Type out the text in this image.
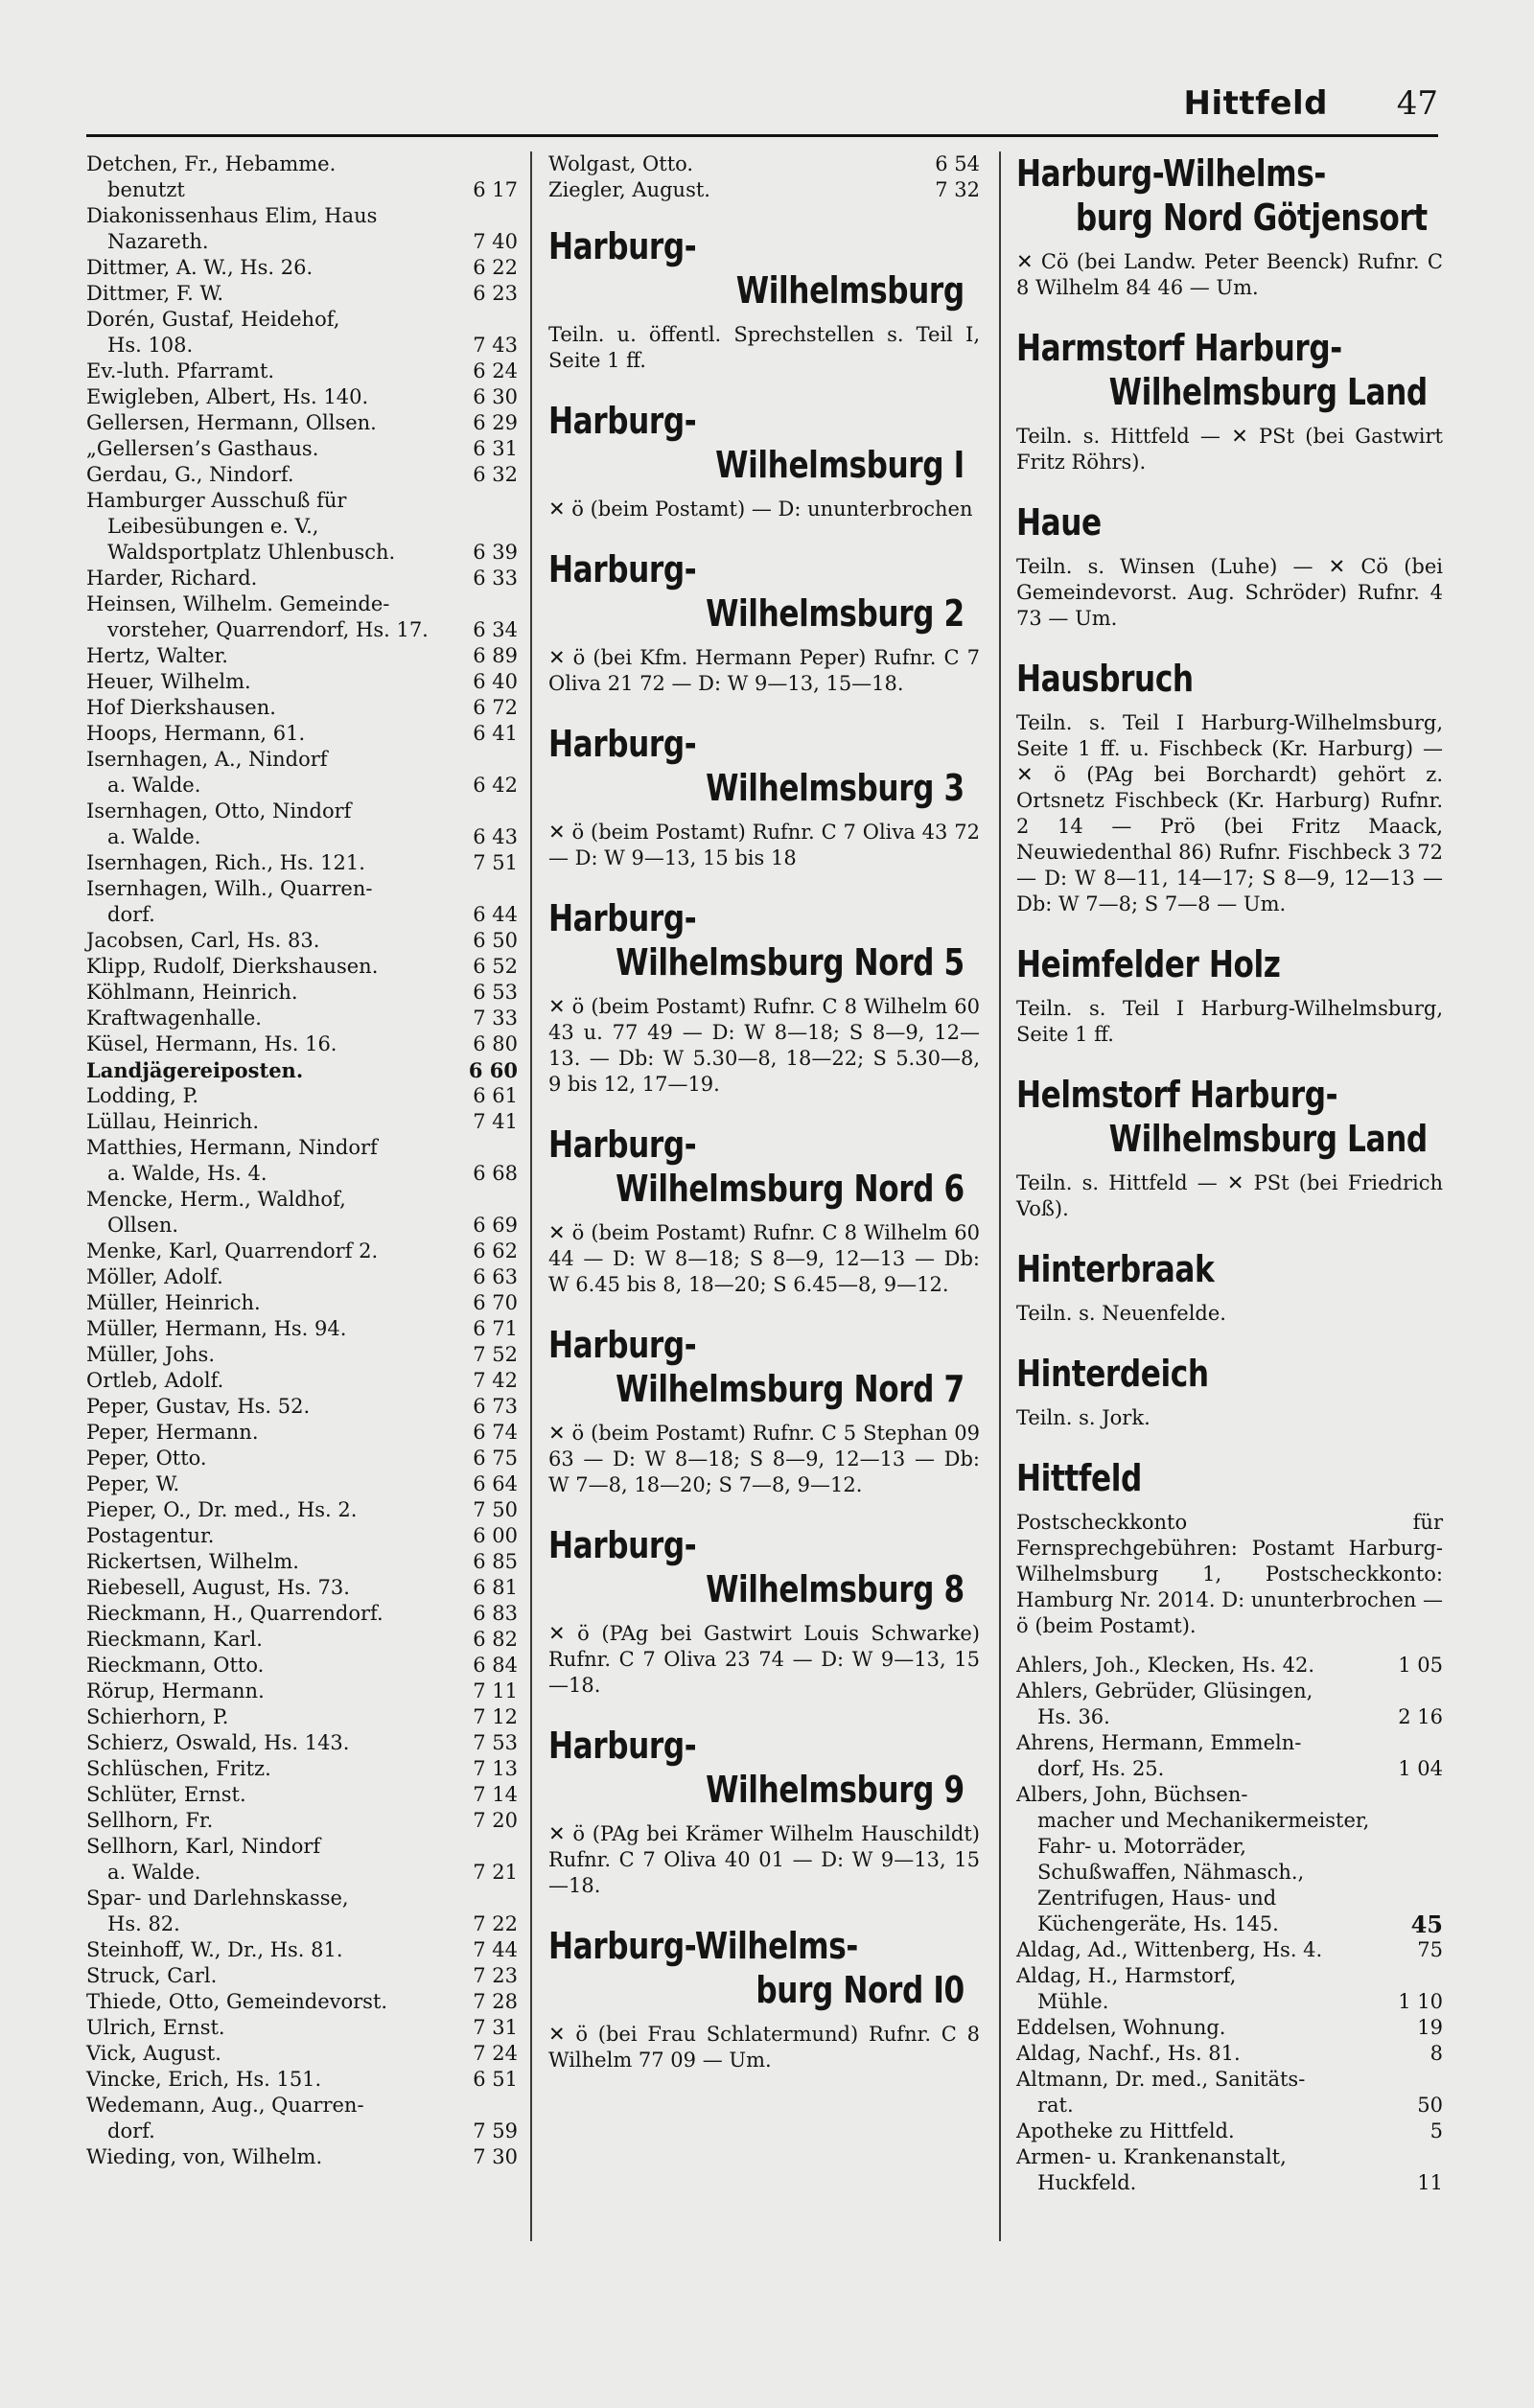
Hittfeld 47
Detchen, Fr., Hebamme.
benutzt	6 17
Diakonissenhaus Elim, Haus
Nazareth.	7 40
Dittmer, A. W., Hs. 26.	6 22
Dittmer, F. W.	6 23
Dorén, Gustaf, Heidehof,
Hs. 108.	7 43
Ev.-luth. Pfarramt.	6 24
Ewigleben, Albert, Hs. 140.	6 30
Gellersen, Hermann, Ollsen.	6 29
„Gellersen’s Gasthaus.	6 31
Gerdau, G., Nindorf.	6 32
Hamburger Ausschuß für
Leibesübungen e. V., Waldsportplatz Uhlenbusch.	6 39
Harder, Richard.	6 33
Heinsen, Wilhelm. Gemeinde-
vorsteher, Quarrendorf, Hs. 17.	6 34
Hertz, Walter.	6 89
Heuer, Wilhelm.	6 40
Hof Dierkshausen.	6 72
Hoops, Hermann, 61.	6 41
Isernhagen, A., Nindorf
a. Walde.	6 42
Isernhagen, Otto, Nindorf
a. Walde.	6 43
Isernhagen, Rich., Hs. 121.	7 51
Isernhagen, Wilh., Quarren-
dorf.	6 44
Jacobsen, Carl, Hs. 83.	6 50
Klipp, Rudolf, Dierkshausen.	6 52
Köhlmann, Heinrich.	6 53
Kraftwagenhalle.	7 33
Küsel, Hermann, Hs. 16.	6 80
Landjägereiposten.	6 60
Lodding, P.	6 61
Lüllau, Heinrich.	7 41
Matthies, Hermann, Nindorf
a. Walde, Hs. 4.	6 68
Mencke, Herm., Waldhof,
Ollsen.	6 69
Menke, Karl, Quarrendorf 2.	6 62
Möller, Adolf.	6 63
Müller, Heinrich.	6 70
Müller, Hermann, Hs. 94.	6 71
Müller, Johs.	7 52
Ortleb, Adolf.	7 42
Peper, Gustav, Hs. 52.	6 73
Peper, Hermann.	6 74
Peper, Otto.	6 75
Peper, W.	6 64
Pieper, O., Dr. med., Hs. 2.	7 50
Postagentur.	6 00
Rickertsen, Wilhelm.	6 85
Riebesell, August, Hs. 73.	6 81
Rieckmann, H., Quarrendorf.	6 83
Rieckmann, Karl.	6 82
Rieckmann, Otto.	6 84
Rörup, Hermann.	7 11
Schierhorn, P.	7 12
Schierz, Oswald, Hs. 143.	7 53
Schlüschen, Fritz.	7 13
Schlüter, Ernst.	7 14
Sellhorn, Fr.	7 20
Sellhorn, Karl, Nindorf
a. Walde.	7 21
Spar- und Darlehnskasse,
Hs. 82.	7 22
Steinhoff, W., Dr., Hs. 81.	7 44
Struck, Carl.	7 23
Thiede, Otto, Gemeindevorst.	7 28
Ulrich, Ernst.	7 31
Vick, August.	7 24
Vincke, Erich, Hs. 151.	6 51
Wedemann, Aug., Quarren-
dorf.	7 59
Wieding, von, Wilhelm.	7 30
Wolgast, Otto.	6 54
Ziegler, August.	7 32
Harburg-
Wilhelmsburg
Teiln. u. öffentl. Sprechstellen s. Teil I, Seite 1 ff.
Harburg-
Wilhelmsburg I
✕ ö (beim Postamt) — D: ununterbrochen
Harburg-
Wilhelmsburg 2
✕ ö (bei Kfm. Hermann Peper) Rufnr. C 7 Oliva 21 72 — D: W 9—13, 15—18.
Harburg-
Wilhelmsburg 3
✕ ö (beim Postamt) Rufnr. C 7 Oliva 43 72 — D: W 9—13, 15 bis 18
Harburg-
Wilhelmsburg Nord 5
✕ ö (beim Postamt) Rufnr. C 8 Wilhelm 60 43 u. 77 49 — D: W 8—18; S 8—9, 12—13. — Db: W 5.30—8, 18—22; S 5.30—8, 9 bis 12, 17—19.
Harburg-
Wilhelmsburg Nord 6
✕ ö (beim Postamt) Rufnr. C 8 Wilhelm 60 44 — D: W 8—18; S 8—9, 12—13 — Db: W 6.45 bis 8, 18—20; S 6.45—8, 9—12.
Harburg-
Wilhelmsburg Nord 7
✕ ö (beim Postamt) Rufnr. C 5 Stephan 09 63 — D: W 8—18; S 8—9, 12—13 — Db: W 7—8, 18—20; S 7—8, 9—12.
Harburg-
Wilhelmsburg 8
✕ ö (PAg bei Gastwirt Louis Schwarke) Rufnr. C 7 Oliva 23 74 — D: W 9—13, 15—18.
Harburg-
Wilhelmsburg 9
✕ ö (PAg bei Krämer Wilhelm Hauschildt) Rufnr. C 7 Oliva 40 01 — D: W 9—13, 15—18.
Harburg-Wilhelms-
burg Nord I0
✕ ö (bei Frau Schlatermund) Rufnr. C 8 Wilhelm 77 09 — Um.
Harburg-Wilhelms-
burg Nord Götjensort
✕ Cö (bei Landw. Peter Beenck) Rufnr. C 8 Wilhelm 84 46 — Um.
Harmstorf Harburg-
Wilhelmsburg Land
Teiln. s. Hittfeld — ✕ PSt (bei Gastwirt Fritz Röhrs).
Haue
Teiln. s. Winsen (Luhe) — ✕ Cö (bei Gemeindevorst. Aug. Schröder) Rufnr. 4 73 — Um.
Hausbruch
Teiln. s. Teil I Harburg-Wilhelmsburg, Seite 1 ff. u. Fischbeck (Kr. Harburg) — ✕ ö (PAg bei Borchardt) gehört z. Ortsnetz Fischbeck (Kr. Harburg) Rufnr. 2 14 — Prö (bei Fritz Maack, Neuwiedenthal 86) Rufnr. Fischbeck 3 72 — D: W 8—11, 14—17; S 8—9, 12—13 — Db: W 7—8; S 7—8 — Um.
Heimfelder Holz
Teiln. s. Teil I Harburg-Wilhelmsburg, Seite 1 ff.
Helmstorf Harburg-
Wilhelmsburg Land
Teiln. s. Hittfeld — ✕ PSt (bei Friedrich Voß).
Hinterbraak
Teiln. s. Neuenfelde.
Hinterdeich
Teiln. s. Jork.
Hittfeld
Postscheckkonto für Fernsprechgebühren: Postamt Harburg-Wilhelmsburg 1, Postscheckkonto: Hamburg Nr. 2014. D: ununterbrochen — ö (beim Postamt).
Ahlers, Joh., Klecken, Hs. 42.	1 05
Ahlers, Gebrüder, Glüsingen,
Hs. 36.	2 16
Ahrens, Hermann, Emmeln-
dorf, Hs. 25.	1 04
Albers, John, Büchsen-
macher und Mechanikermeister, Fahr- u. Motorräder, Schußwaffen, Nähmasch., Zentrifugen, Haus- und Küchengeräte, Hs. 145.	45
Aldag, Ad., Wittenberg, Hs. 4.	75
Aldag, H., Harmstorf,
Mühle.	1 10
Eddelsen, Wohnung.	19
Aldag, Nachf., Hs. 81.	8
Altmann, Dr. med., Sanitäts-
rat.	50
Apotheke zu Hittfeld.	5
Armen- u. Krankenanstalt,
Huckfeld.	11
